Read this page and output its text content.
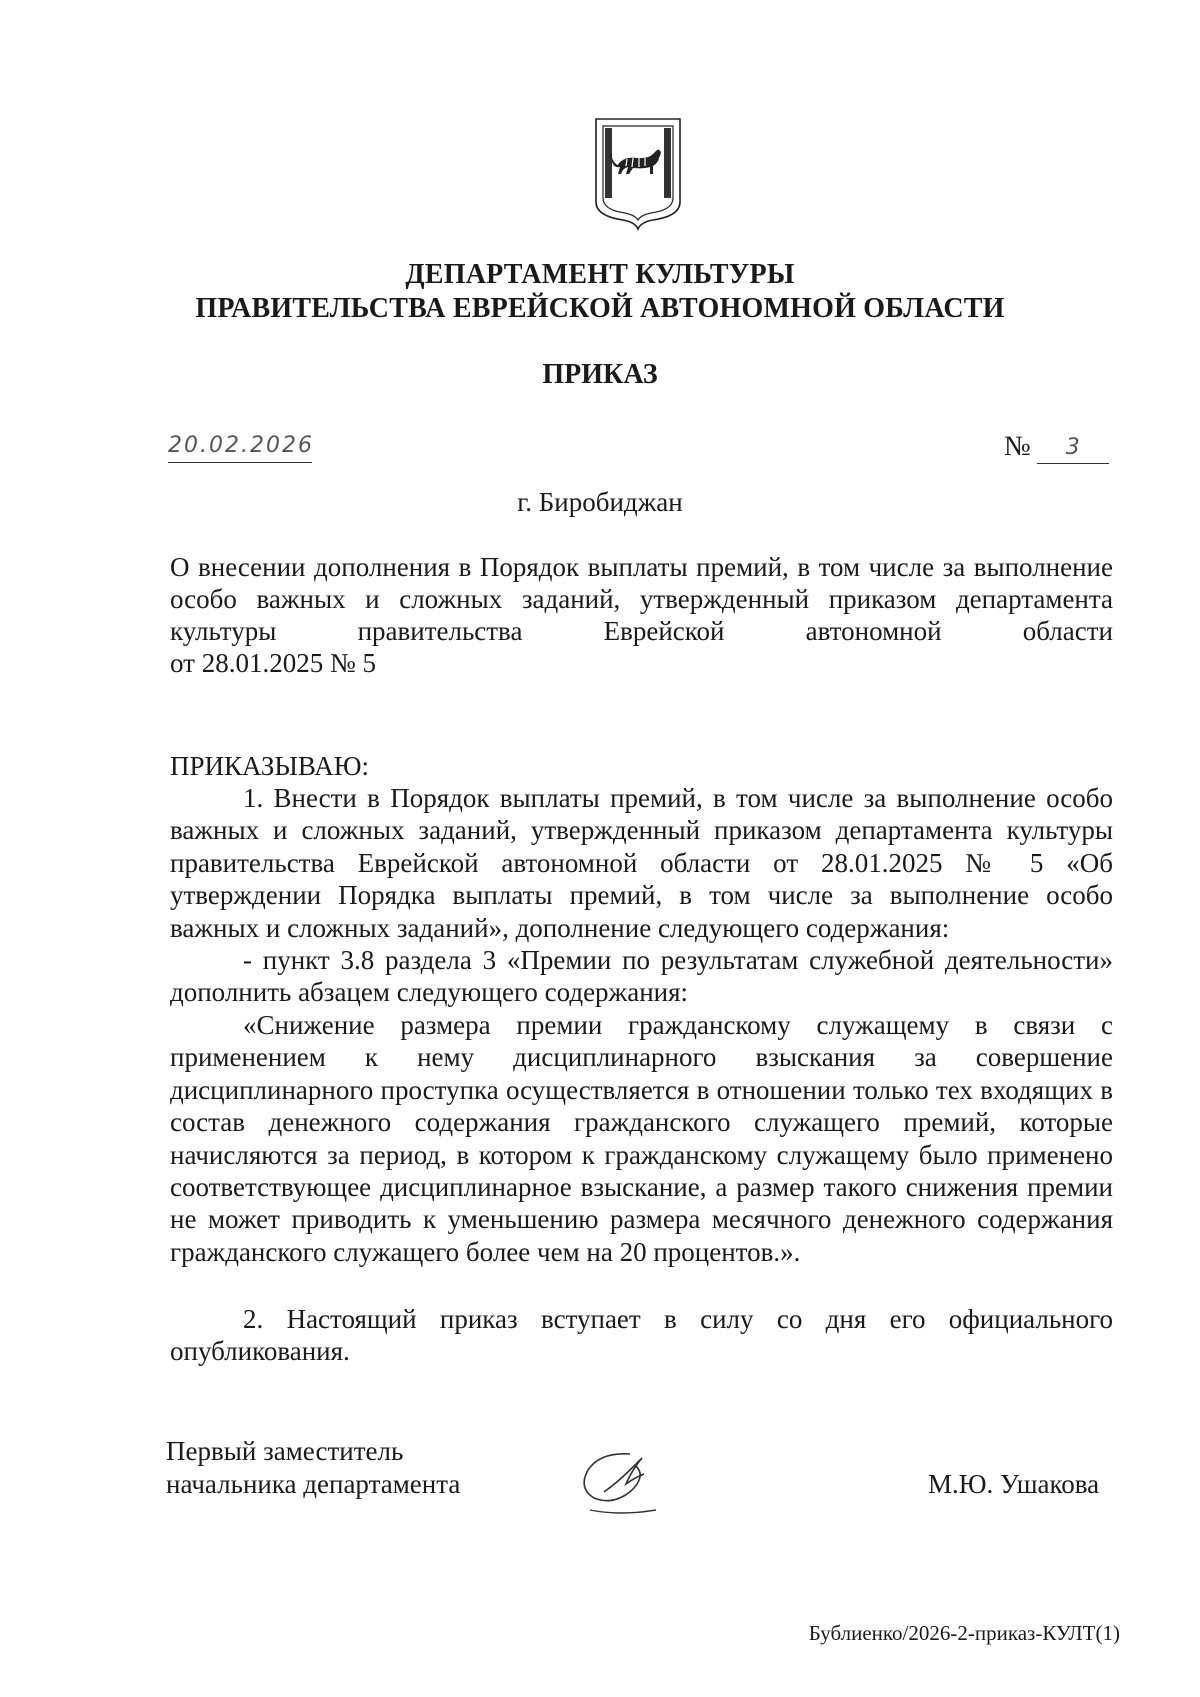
ДЕПАРТАМЕНТ КУЛЬТУРЫ
ПРАВИТЕЛЬСТВА ЕВРЕЙСКОЙ АВТОНОМНОЙ ОБЛАСТИ
ПРИКАЗ
20.02.2026	№	3
г. Биробиджан
О внесении дополнения в Порядок выплаты премий, в том числе за выполнение особо важных и сложных заданий, утвержденный приказом департамента культуры правительства Еврейской автономной области
от 28.01.2025 № 5
ПРИКАЗЫВАЮ:
1. Внести в Порядок выплаты премий, в том числе за выполнение особо важных и сложных заданий, утвержденный приказом департамента культуры правительства Еврейской автономной области от 28.01.2025 № 5 «Об утверждении Порядка выплаты премий, в том числе за выполнение особо важных и сложных заданий», дополнение следующего содержания:
- пункт 3.8 раздела 3 «Премии по результатам служебной деятельности» дополнить абзацем следующего содержания:
«Снижение размера премии гражданскому служащему в связи с применением к нему дисциплинарного взыскания за совершение дисциплинарного проступка осуществляется в отношении только тех входящих в состав денежного содержания гражданского служащего премий, которые начисляются за период, в котором к гражданскому служащему было применено соответствующее дисциплинарное взыскание, а размер такого снижения премии не может приводить к уменьшению размера месячного денежного содержания гражданского служащего более чем на 20 процентов.».
2. Настоящий приказ вступает в силу со дня его официального опубликования.
Первый заместитель
начальника департамента	М.Ю. Ушакова
Бублиенко/2026-2-приказ-КУЛТ(1)
